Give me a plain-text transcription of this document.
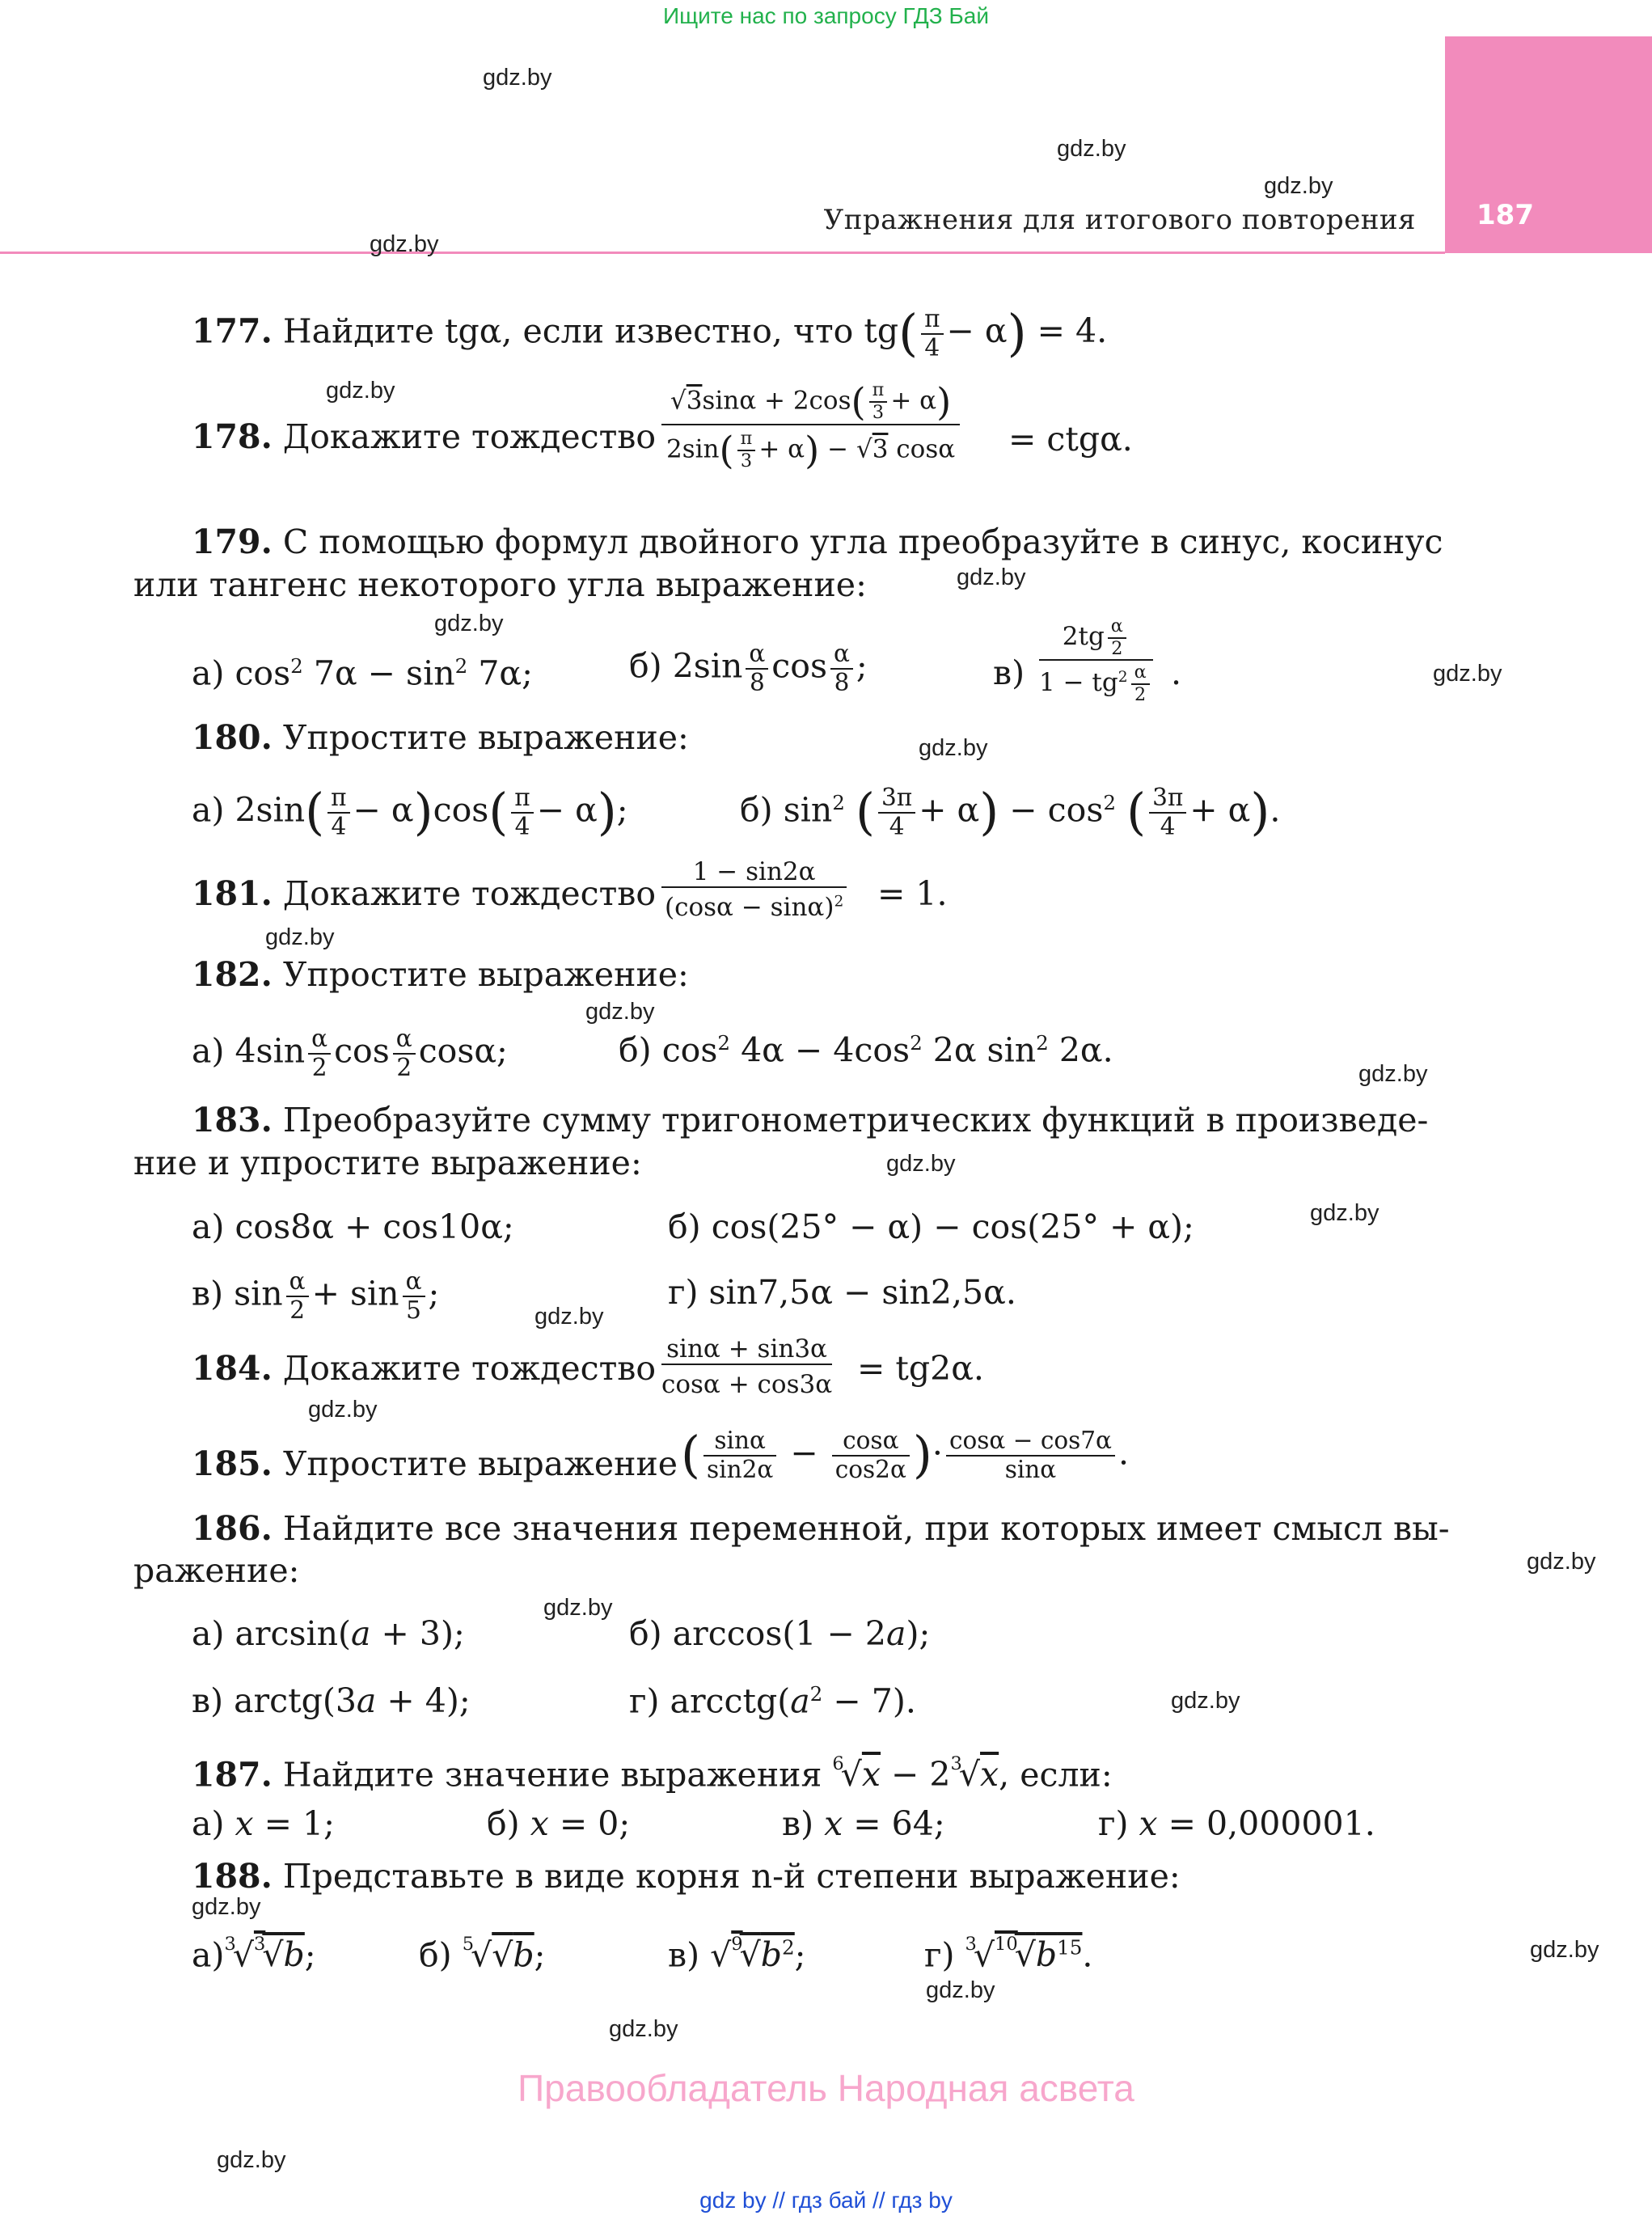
Ищите нас по запросу ГДЗ Бай
187
Упражнения для итогового повторения
gdz.by
gdz.by
gdz.by
gdz.by
gdz.by
gdz.by
gdz.by
gdz.by
gdz.by
gdz.by
gdz.by
gdz.by
gdz.by
gdz.by
gdz.by
gdz.by
gdz.by
gdz.by
gdz.by
gdz.by
gdz.by
gdz.by
gdz.by
gdz.by
177. Найдите tgα, если известно, что $tg( \frac{\pi}{4} - \alpha) = 4$.
178. Докажите тождество
$√3\sin\alpha + 2\cos( \frac{\pi}{3} + \alpha)$
$2\sin( \frac{\pi}{3} + \alpha) - √3$ cosα = ctgα.
179. С помощью формул двойного угла преобразуйте в синус, косинус
или тангенс некоторого угла выражение:
а) $\cos^2 7\alpha - \sin^2 7\alpha$;	б) $2\sin \frac{\alpha}{8}$ $\cos \frac{\alpha}{8}$ ;	в)
$2tg \frac{\alpha}{2}$
$1 - tg^2 \frac{\alpha}{2}$ .
180. Упростите выражение:
а) $2\sin( \frac{\pi}{4} - \alpha)\cos( \frac{\pi}{4} - \alpha)$;	б) $\sin^2$ ( $\frac{3\pi}{4} + \alpha) - \cos^2$ ( $\frac{3\pi}{4} + \alpha$).
181. Докажите тождество
1 − sin2α
$(\cos\alpha - \sin\alpha)^2 = 1$.
182. Упростите выражение:
а) $4\sin \frac{\alpha}{2}$ $\cos \frac{\alpha}{2} \cos\alpha$;	б) $\cos^2 4\alpha - 4\cos^2$ 2α $\sin^2 2\alpha$.
183. Преобразуйте сумму тригонометрических функций в произведе-
ние и упростите выражение:
а) cos8α + cos10α;	б) cos(25° − α) − cos(25° + α);
в) $\sin \frac{\alpha}{2} + \sin \frac{\alpha}{5}$ ;	г) sin7,5α − sin2,5α.
184. Докажите тождество sinα + sin3α
cosα + cos3α = tg2α.
185. Упростите выражение ( $\frac{\sin\alpha}{\sin 2\alpha} - \frac{\cos\alpha}{\cos 2\alpha}$ )· $\frac{\cos\alpha - \cos 7\alpha}{\sin\alpha}$ .
186. Найдите все значения переменной, при которых имеет смысл вы-
ражение:
а) arcsin(a + 3);	б) arccos(1 − 2a);
в) arctg(3a + 4);	г) $arcctg(a^2 - 7)$.
187. Найдите значение выражения $^6√x - 2^3√x$, если:
а) x = 1;	б) x = 0;	в) x = 64;	г) x = 0,000001.
188. Представьте в виде корня n-й степени выражение:
а)$^3$√$^3$√b;	б) $^5$√√b;	в) $√^9√b^2$;	г) $^3√^{10}√b^{15}$.
Правообладатель Народная асвета
gdz by // гдз бай // гдз by
